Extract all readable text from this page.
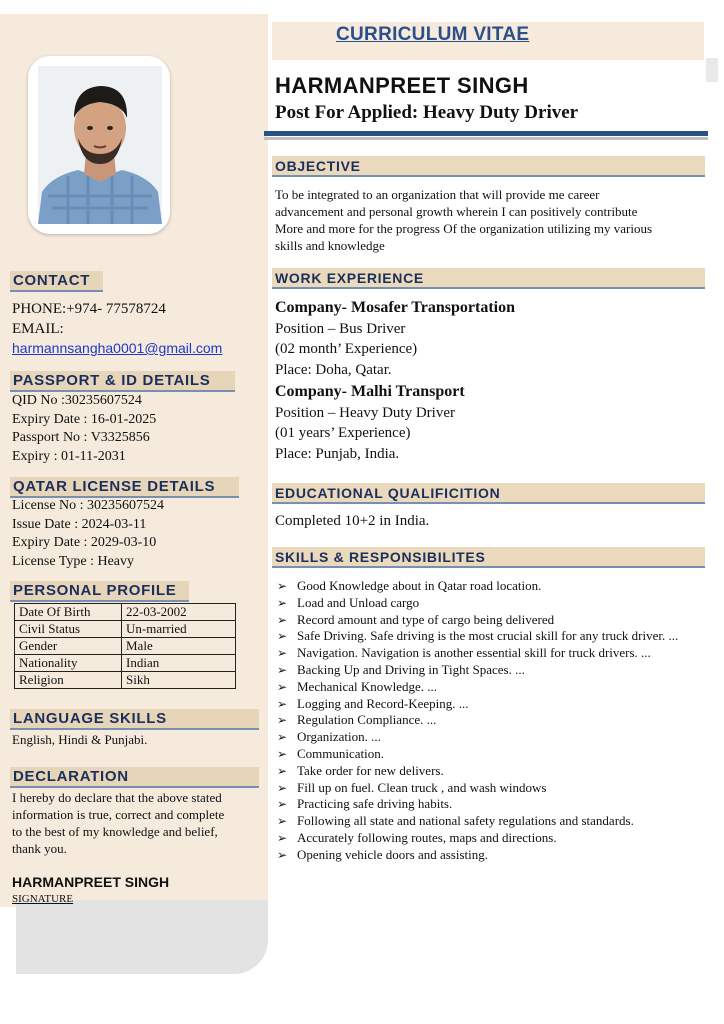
CONTACT
PHONE:+974- 77578724
EMAIL:
harmannsangha0001@gmail.com
PASSPORT & ID DETAILS
QID No :30235607524
Expiry Date : 16-01-2025
Passport No : V3325856
Expiry : 01-11-2031
QATAR LICENSE DETAILS
License No : 30235607524
Issue Date : 2024-03-11
Expiry Date : 2029-03-10
License Type : Heavy
PERSONAL PROFILE
Date Of Birth	22-03-2002
Civil Status	Un-married
Gender	Male
Nationality	Indian
Religion	Sikh
LANGUAGE SKILLS
English, Hindi & Punjabi.
DECLARATION
I hereby do declare that the above stated
information is true, correct and complete
to the best of my knowledge and belief,
thank you.
HARMANPREET SINGH
SIGNATURE
CURRICULUM VITAE
HARMANPREET SINGH
Post For Applied: Heavy Duty Driver
OBJECTIVE
To be integrated to an organization that will provide me career
advancement and personal growth wherein I can positively contribute
More and more for the progress Of the organization utilizing my various
skills and knowledge
WORK EXPERIENCE
Company- Mosafer Transportation
Position – Bus Driver
(02 month’ Experience)
Place: Doha, Qatar.
Company- Malhi Transport
Position – Heavy Duty Driver
(01 years’ Experience)
Place: Punjab, India.
EDUCATIONAL QUALIFICITION
Completed 10+2 in India.
SKILLS & RESPONSIBILITES
➢ Good Knowledge about in Qatar road location.
➢ Load and Unload cargo
➢ Record amount and type of cargo being delivered
➢ Safe Driving. Safe driving is the most crucial skill for any truck driver. ...
➢ Navigation. Navigation is another essential skill for truck drivers. ...
➢ Backing Up and Driving in Tight Spaces. ...
➢ Mechanical Knowledge. ...
➢ Logging and Record-Keeping. ...
➢ Regulation Compliance. ...
➢ Organization. ...
➢ Communication.
➢ Take order for new delivers.
➢ Fill up on fuel. Clean truck , and wash windows
➢ Practicing safe driving habits.
➢ Following all state and national safety regulations and standards.
➢ Accurately following routes, maps and directions.
➢ Opening vehicle doors and assisting.
